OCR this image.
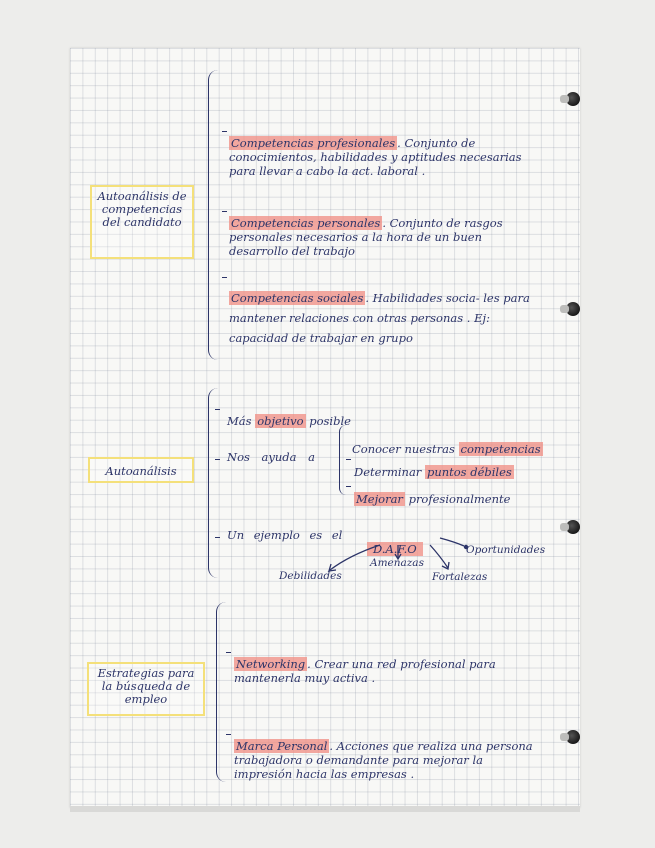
Autoanálisis de competencias del candidato

Competencias profesionales . Conjunto de conocimientos, habilidades y aptitudes necesarias para llevar a cabo la act. laboral .

Competencias personales . Conjunto de rasgos personales necesarios a la hora de un buen desarrollo del trabajo

Competencias sociales . Habilidades socia- les para mantener relaciones con otras personas . Ej: capacidad de trabajar en grupo

Autoanálisis

Más objetivo posible

Nos ayuda a

Conocer nuestras competencias

Determinar puntos débiles

Mejorar profesionalmente

Un ejemplo es el

D.A.F.O

Amenazas
Oportunidades
Debilidades	Fortalezas
Estrategias para la búsqueda de empleo

Networking . Crear una red profesional para mantenerla muy activa .

Marca Personal . Acciones que realiza una persona trabajadora o demandante para mejorar la impresión hacia las empresas .
